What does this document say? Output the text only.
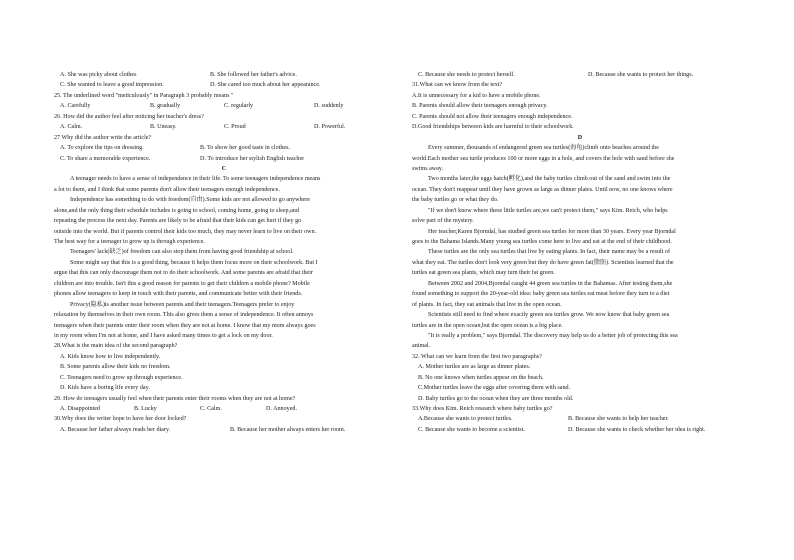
A. She was picky about clothes	B. She followed her father's advice.
C. She wanted to leave a good impression.	D. She cared too much about her appearance.
25. The underlined word "meticulously" in Paragraph 3 probably means "
A. Carefully	B. gradually	C. regularly	D. suddenly
26. How did the author feel after noticing her teacher's dress?
A. Calm.	B. Uneasy.	C. Proud	D. Powerful.
27 Why did the author write the article?
A. To explore the tips on dressing.	B. To show her good taste in clothes.
C. To share a memorable experience.	D. To introduce her stylish English teacher
C
A teenager needs to have a sense of independence in their life. To some teenagers independence means
a lot to them, and I think that some parents don't allow their teenagers enough independence.
Independence has something to do with freedom(自由).Some kids are not allowed to go anywhere
alone,and the only thing their schedule includes is going to school, coming home, going to sleep,and
repeating the process the next day. Parents are likely to be afraid that their kids can get hurt if they go
outside into the world. But if parents control their kids too much, they may never learn to live on their own.
The best way for a teenager to grow up is through experience.
Teenagers' lack(缺乏)of freedom can also stop them from having good friendship at school.
Some might say that this is a good thing, because it helps them focus more on their schoolwork. But I
argue that this can only discourage them not to do their schoolwork. And some parents are afraid that their
children are into trouble. Isn't this a good reason for parents to get their children a mobile phone? Mobile
phones allow teenagers to keep in touch with their parents, and communicate better with their friends.
Privacy(隐私)is another issue between parents and their teenagers.Teenagers prefer to enjoy
relaxation by themselves in their own room. This also gives them a sense of independence. It often annoys
teenagers when their parents enter their room when they are not at home. I know that my mom always goes
in my room when I'm not at home, and I have asked many times to get a lock on my door.
28.What is the main idea of the second paragraph?
A. Kids know how to live independently.
B. Some parents allow their kids no freedom.
C. Teenagers need to grow up through experience.
D. Kids have a boring life every day.
29. How do teenagers usually feel when their parents enter their rooms when they are not at home?
A. Disappointed	B. Lucky	C. Calm.	D. Annoyed.
30.Why does the writer hope to have her door locked?
A. Because her father always reads her diary.	B. Because her mother always enters her room.
C. Because she needs to protect herself.	D. Because she wants to protect her things.
31.What can we know from the text?
A.It is unnecessary for a kid to have a mobile phone.
B. Parents should allow their teenagers enough privacy.
C. Parents should not allow their teenagers enough independence.
D.Good friendships between kids are harmful to their schoolwork.
D
Every summer, thousands of endangered green sea turtles(海龟)climb onto beaches around the
world.Each mother sea turtle produces 100 or more eggs in a hole, and covers the hole with sand before she
swims away.
Two months later,the eggs hatch(孵化),and the baby turtles climb out of the sand and swim into the
ocean. They don't reappear until they have grown as large as dinner plates. Until now, no one knows where
the baby turtles go or what they do.
"If we don't know where these little turtles are,we can't protect them," says Kim. Reich, who helps
solve part of the mystery.
Her teacher,Karen Bjorndal, has studied green sea turtles for more than 30 years. Every year Bjorndal
goes to the Bahama Islands.Many young sea turtles come here to live and eat at the end of their childhood.
These turtles are the only sea turtles that live by eating plants. In fact, their name may be a result of
what they eat. The turtles don't look very green but they do have green fat(脂肪). Scientists learned that the
turtles eat green sea plants, which may turn their fat green.
Between 2002 and 2004,Bjorndal caught 44 green sea turtles in the Bahamas. After testing them,she
found something to support the 20-year-old idea: baby green sea turtles eat meat before they turn to a diet
of plants. In fact, they eat animals that live in the open ocean.
Scientists still need to find where exactly green sea turtles grow. We now know that baby green sea
turtles are in the open ocean,but the open ocean is a big place.
"It is really a problem," says Bjorndal. The discovery may help us do a better job of protecting this sea
animal.
32. What can we learn from the first two paragraphs?
A. Mother turtles are as large as dinner plates.
B. No one knows when turtles appear on the beach.
C.Mother turtles leave the eggs after covering them with sand.
D. Baby turtles go to the ocean when they are three months old.
33.Why does Kim. Reich research where baby turtles go?
A.Because she wants to protect turtles.	B. Because she wants to help her teacher.
C. Because she wants to become a scientist.	D. Because she wants to check whether her idea is right.
